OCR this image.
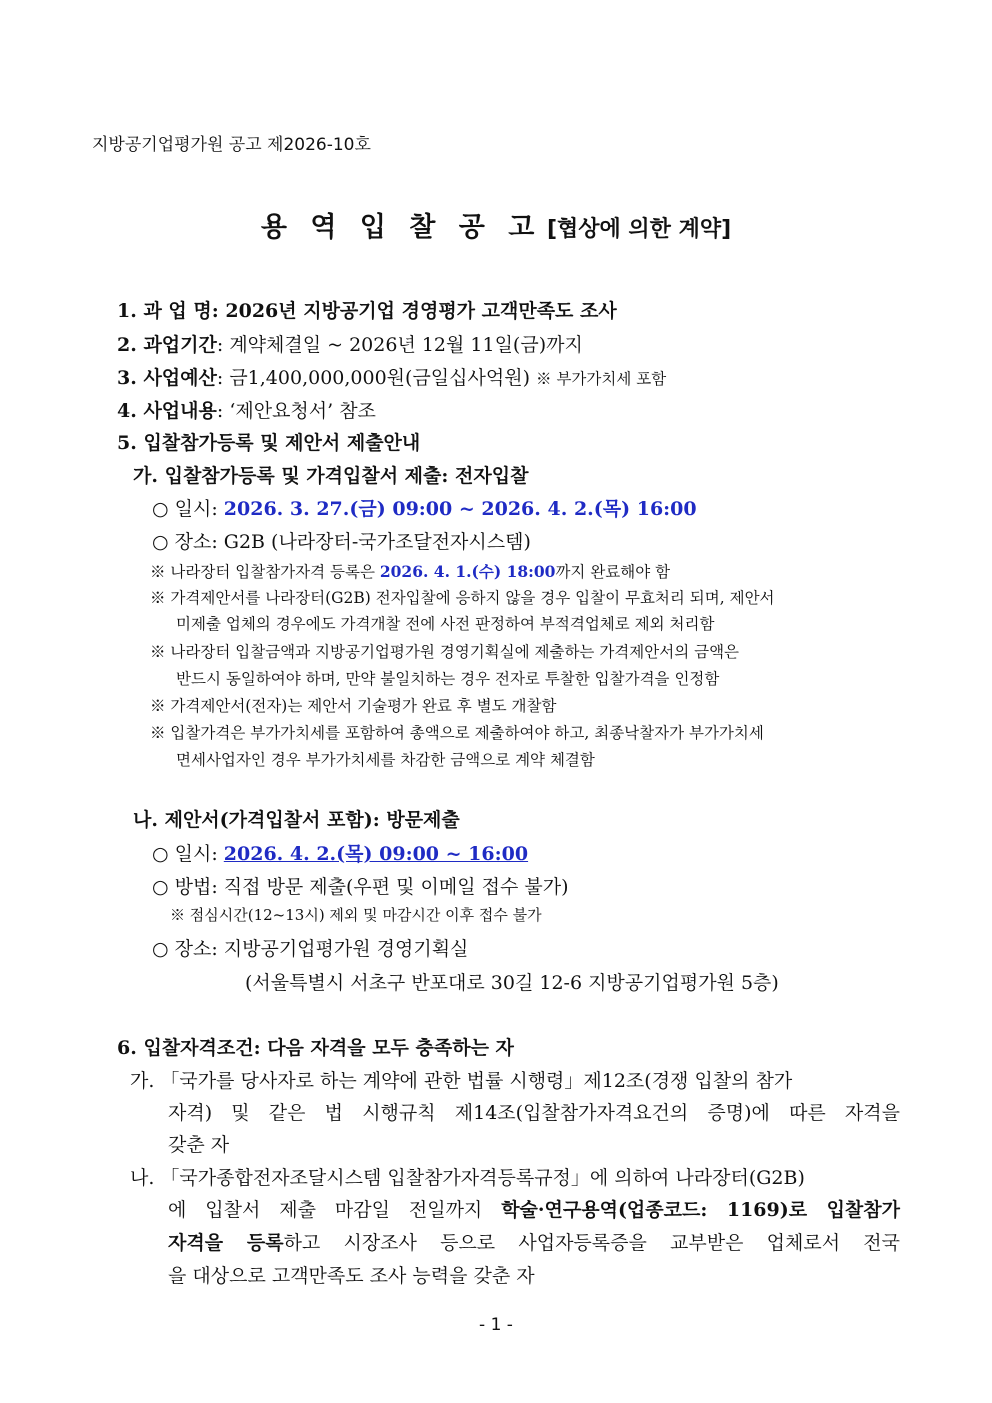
지방공기업평가원 공고 제2026-10호
용 역 입 찰 공 고 [협상에 의한 계약]
1. 과 업 명: 2026년 지방공기업 경영평가 고객만족도 조사
2. 과업기간: 계약체결일 ~ 2026년 12월 11일(금)까지
3. 사업예산: 금1,400,000,000원(금일십사억원) ※ 부가가치세 포함
4. 사업내용: ‘제안요청서’ 참조
5. 입찰참가등록 및 제안서 제출안내
가. 입찰참가등록 및 가격입찰서 제출: 전자입찰
○ 일시: 2026. 3. 27.(금) 09:00 ~ 2026. 4. 2.(목) 16:00
○ 장소: G2B (나라장터-국가조달전자시스템)
※ 나라장터 입찰참가자격 등록은 2026. 4. 1.(수) 18:00까지 완료해야 함
※ 가격제안서를 나라장터(G2B) 전자입찰에 응하지 않을 경우 입찰이 무효처리 되며, 제안서
미제출 업체의 경우에도 가격개찰 전에 사전 판정하여 부적격업체로 제외 처리함
※ 나라장터 입찰금액과 지방공기업평가원 경영기획실에 제출하는 가격제안서의 금액은
반드시 동일하여야 하며, 만약 불일치하는 경우 전자로 투찰한 입찰가격을 인정함
※ 가격제안서(전자)는 제안서 기술평가 완료 후 별도 개찰함
※ 입찰가격은 부가가치세를 포함하여 총액으로 제출하여야 하고, 최종낙찰자가 부가가치세
면세사업자인 경우 부가가치세를 차감한 금액으로 계약 체결함
나. 제안서(가격입찰서 포함): 방문제출
○ 일시: 2026. 4. 2.(목) 09:00 ~ 16:00
○ 방법: 직접 방문 제출(우편 및 이메일 접수 불가)
※ 점심시간(12~13시) 제외 및 마감시간 이후 접수 불가
○ 장소: 지방공기업평가원 경영기획실
(서울특별시 서초구 반포대로 30길 12-6 지방공기업평가원 5층)
6. 입찰자격조건: 다음 자격을 모두 충족하는 자
가. 「국가를 당사자로 하는 계약에 관한 법률 시행령」제12조(경쟁 입찰의 참가
자격) 및 같은 법 시행규칙 제14조(입찰참가자격요건의 증명)에 따른 자격을
갖춘 자
나. 「국가종합전자조달시스템 입찰참가자격등록규정」에 의하여 나라장터(G2B)
에 입찰서 제출 마감일 전일까지 학술·연구용역(업종코드: 1169)로 입찰참가
자격을 등록하고 시장조사 등으로 사업자등록증을 교부받은 업체로서 전국
을 대상으로 고객만족도 조사 능력을 갖춘 자
- 1 -
